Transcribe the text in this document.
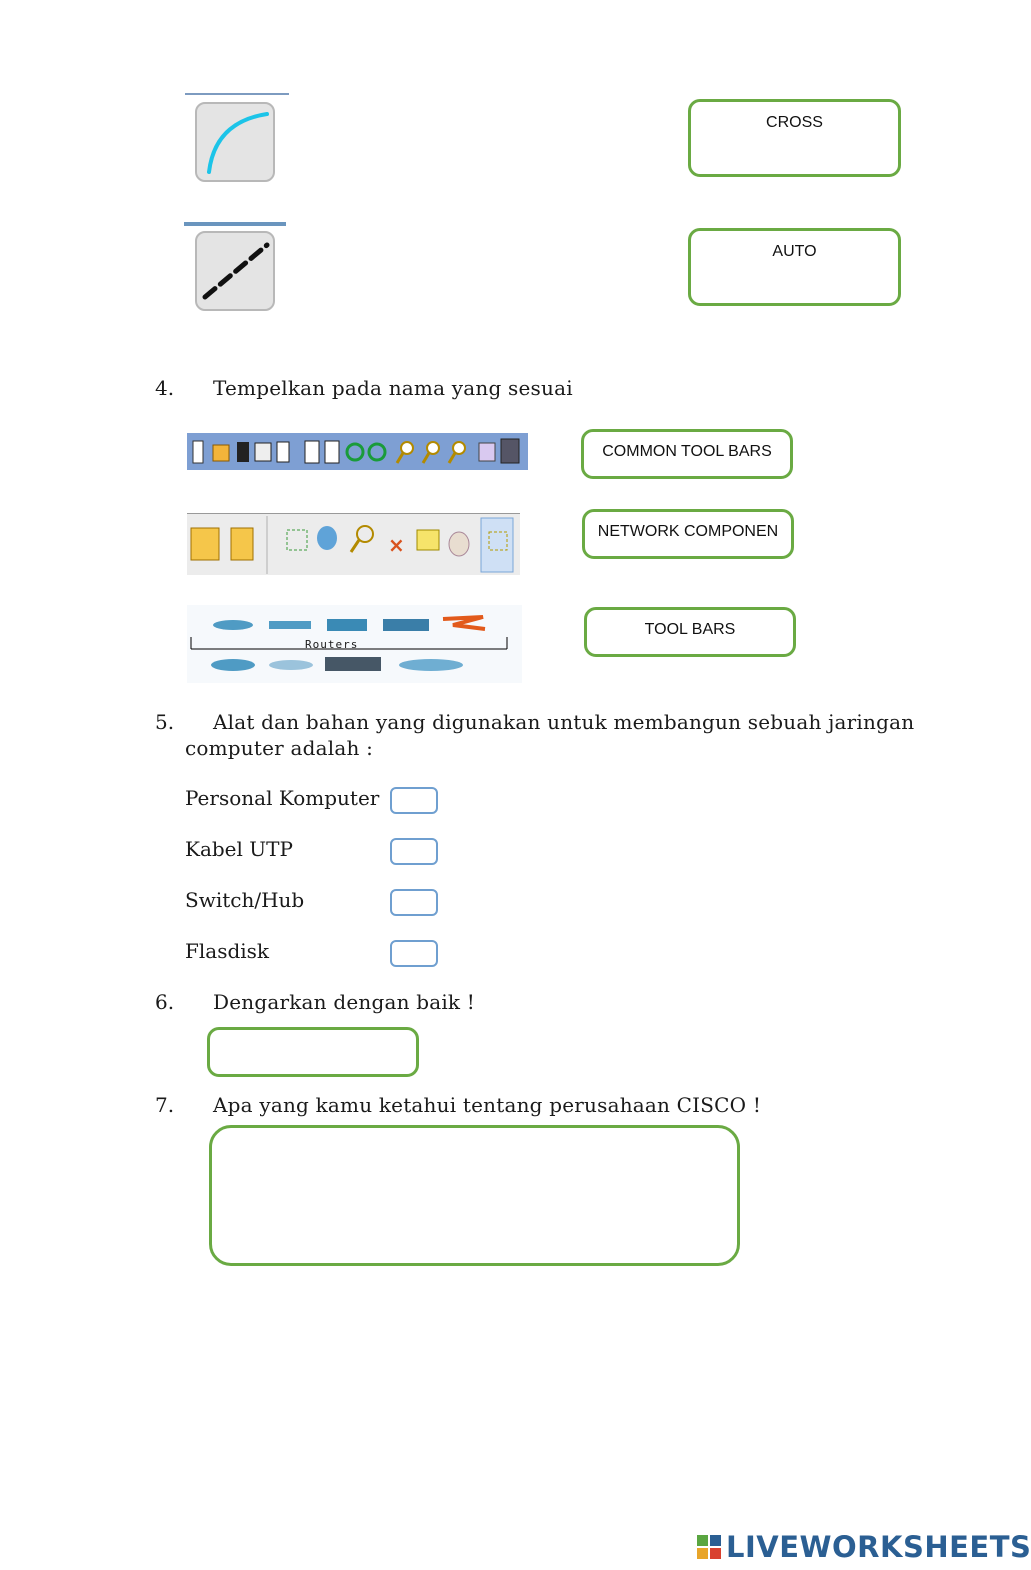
CROSS
AUTO
4. Tempelkan pada nama yang sesuai
×
Routers
COMMON TOOL BARS
NETWORK COMPONEN
TOOL BARS
5. Alat dan bahan yang digunakan untuk membangun sebuah jaringan
computer adalah :
Personal Komputer
Kabel UTP
Switch/Hub
Flasdisk
6. Dengarkan dengan baik !
7. Apa yang kamu ketahui tentang perusahaan CISCO !
LIVEWORKSHEETS
